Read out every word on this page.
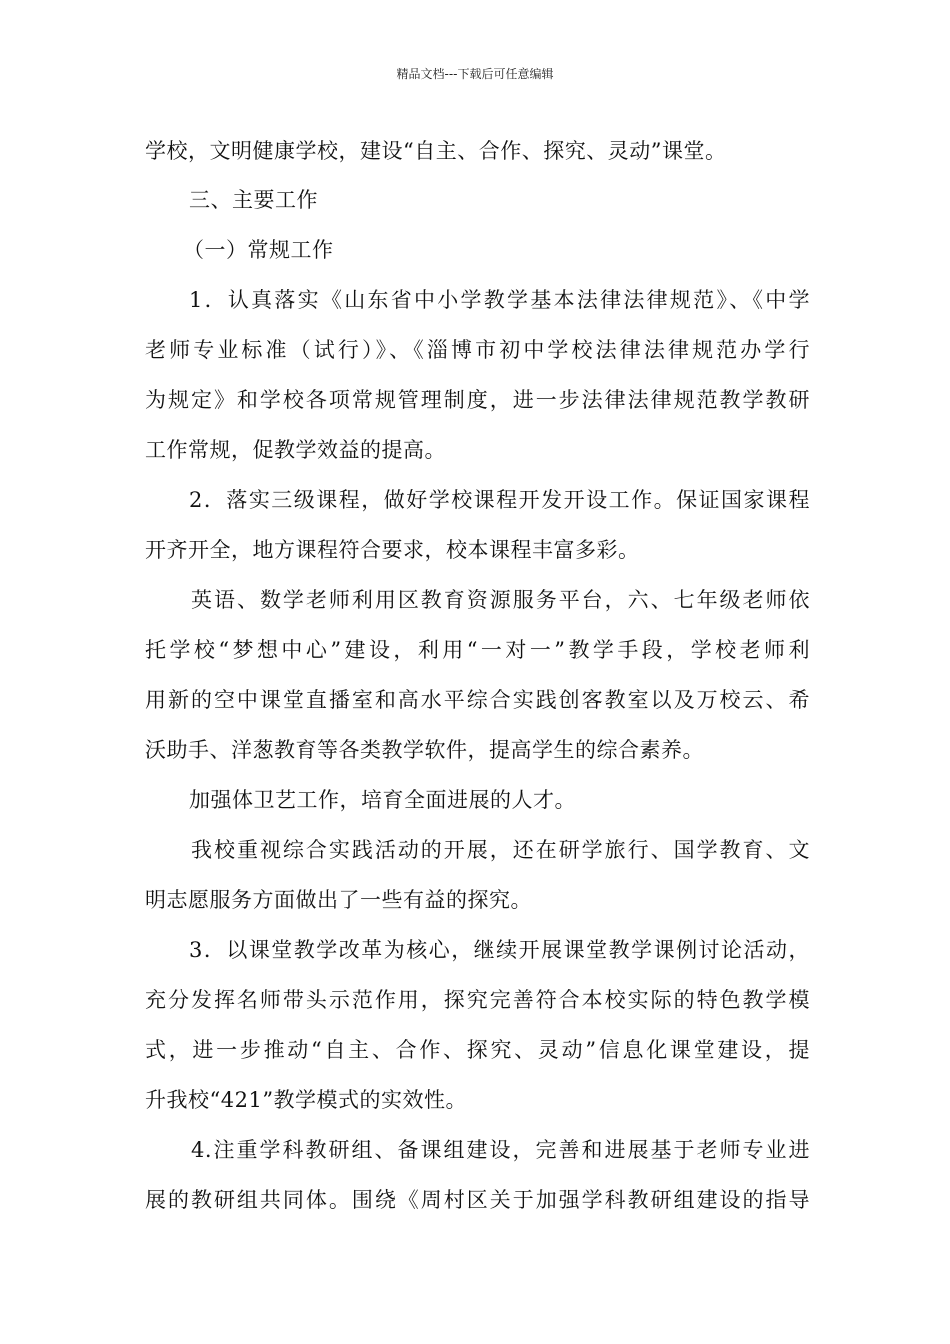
精品文档---下载后可任意编辑
学校，文明健康学校，建设“自主、合作、探究、灵动”课堂。
三、主要工作
（一）常规工作
1．认真落实《山东省中小学教学基本法律法律规范》、《中学
老师专业标准（试行）》、《淄博市初中学校法律法律规范办学行
为规定》和学校各项常规管理制度，进一步法律法律规范教学教研
工作常规，促教学效益的提高。
2．落实三级课程，做好学校课程开发开设工作。保证国家课程
开齐开全，地方课程符合要求，校本课程丰富多彩。
英语、数学老师利用区教育资源服务平台，六、七年级老师依
托学校“梦想中心”建设，利用“一对一”教学手段，学校老师利
用新的空中课堂直播室和高水平综合实践创客教室以及万校云、希
沃助手、洋葱教育等各类教学软件，提高学生的综合素养。
加强体卫艺工作，培育全面进展的人才。
我校重视综合实践活动的开展，还在研学旅行、国学教育、文
明志愿服务方面做出了一些有益的探究。
3．以课堂教学改革为核心，继续开展课堂教学课例讨论活动，
充分发挥名师带头示范作用，探究完善符合本校实际的特色教学模
式，进一步推动“自主、合作、探究、灵动”信息化课堂建设，提
升我校“421”教学模式的实效性。
4.注重学科教研组、备课组建设，完善和进展基于老师专业进
展的教研组共同体。围绕《周村区关于加强学科教研组建设的指导
